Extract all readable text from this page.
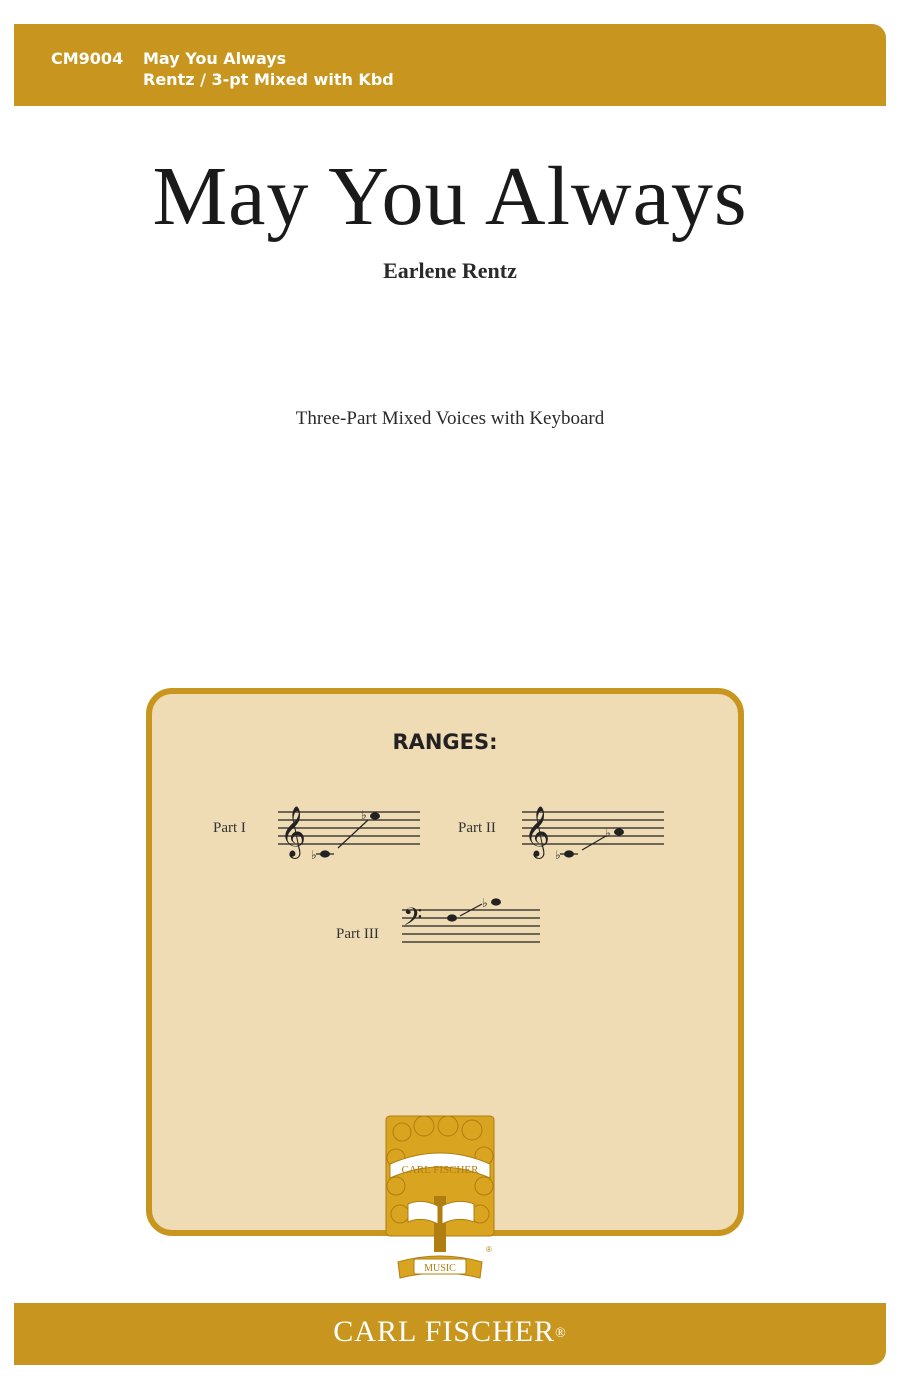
CM9004 May You Always
Rentz / 3-pt Mixed with Kbd
May You Always
Earlene Rentz
Three-Part Mixed Voices with Keyboard
RANGES:
Part I 𝄞 ♭
♭
Part II 𝄞 ♭
♭
Part III 𝄢	♭
CARL FISCHER
MUSIC
®
CARL FISCHER®
